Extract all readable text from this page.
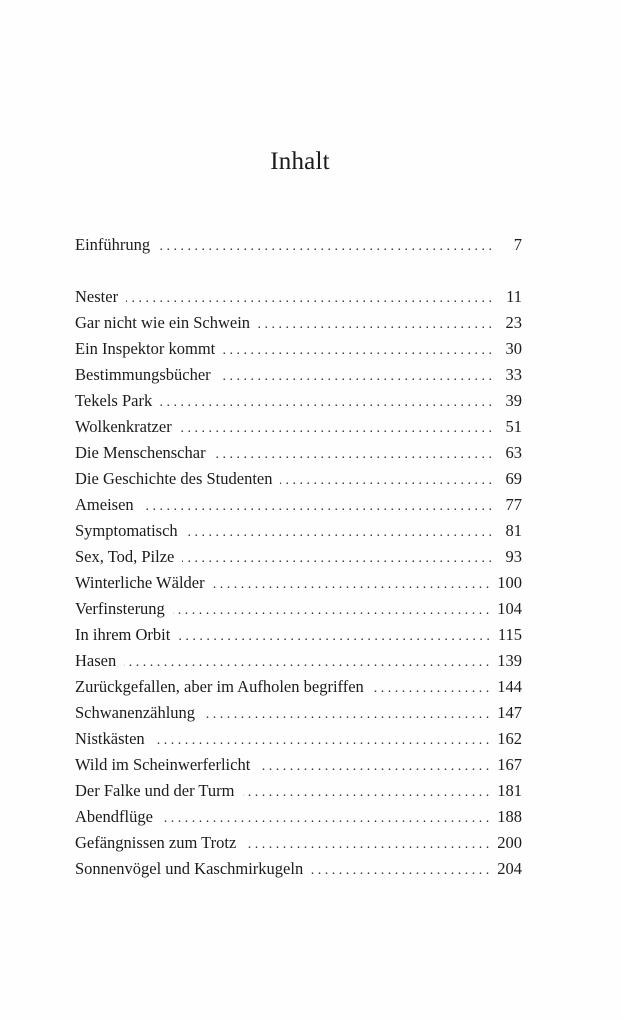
Inhalt
Einführung . . .	7
Nester . . .	11
Gar nicht wie ein Schwein . . .	23
Ein Inspektor kommt . . .	30
Bestimmungsbücher . . .	33
Tekels Park . . .	39
Wolkenkratzer . . .	51
Die Menschenschar . . .	63
Die Geschichte des Studenten . . .	69
Ameisen . . .	77
Symptomatisch . . .	81
Sex, Tod, Pilze . . .	93
Winterliche Wälder . . .	100
Verfinsterung . . .	104
In ihrem Orbit . . .	115
Hasen . . .	139
Zurückgefallen, aber im Aufholen begriffen . . .	144
Schwanenzählung . . .	147
Nistkästen . . .	162
Wild im Scheinwerferlicht . . .	167
Der Falke und der Turm . . .	181
Abendflüge . . .	188
Gefängnissen zum Trotz . . .	200
Sonnenvögel und Kaschmirkugeln . . .	204
